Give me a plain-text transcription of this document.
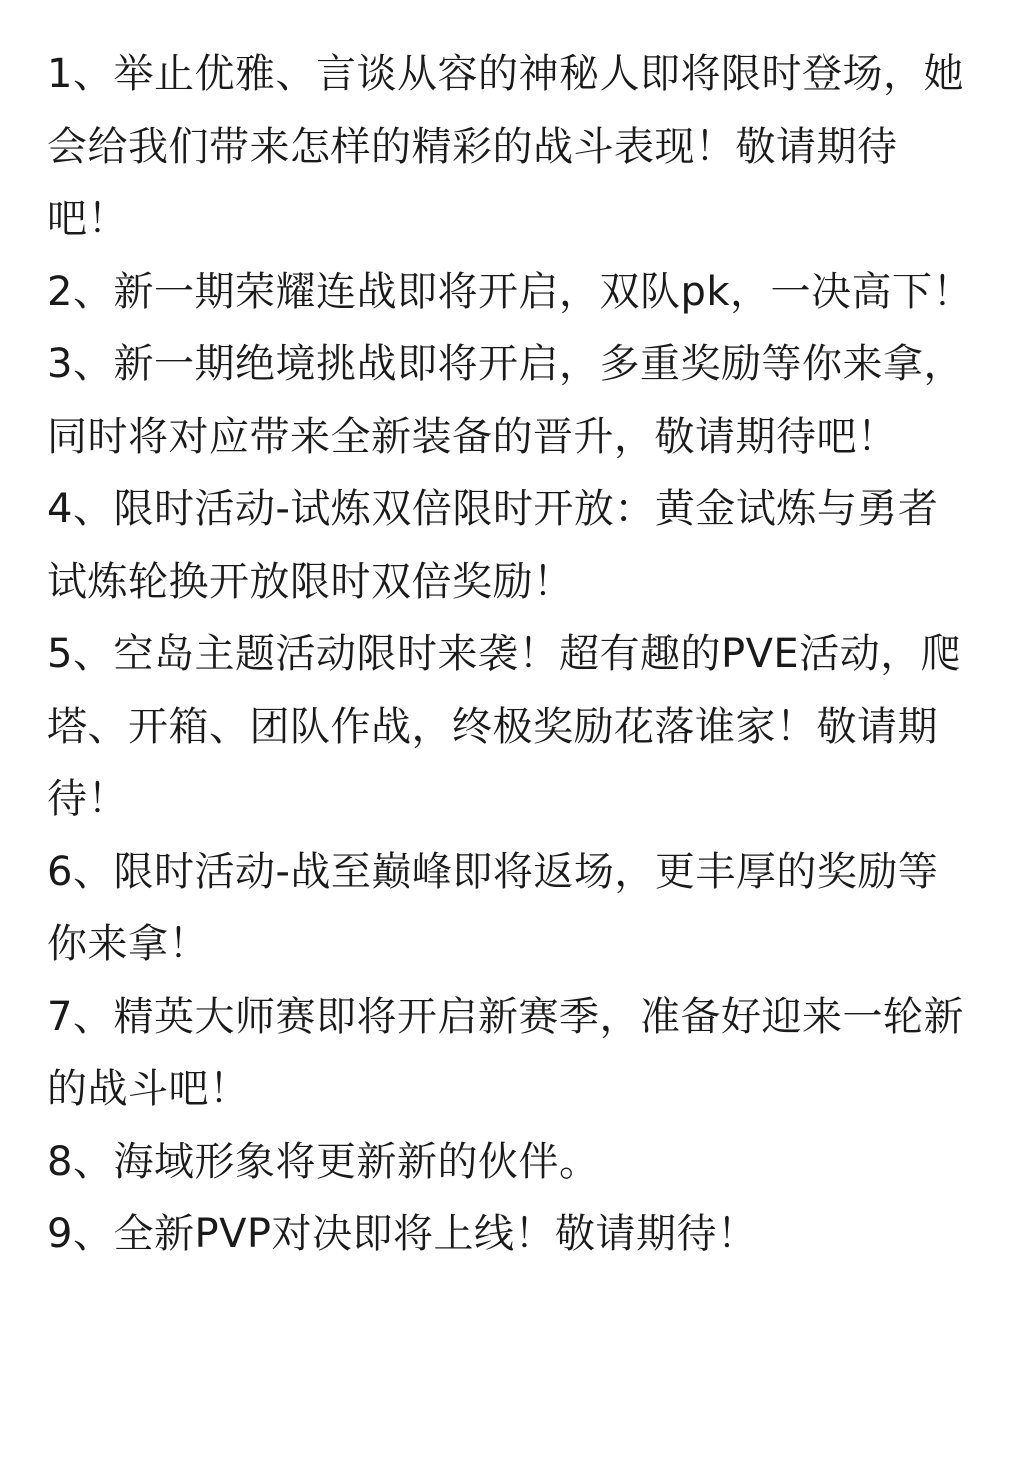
1、举止优雅、言谈从容的神秘人即将限时登场，她会给我们带来怎样的精彩的战斗表现！敬请期待吧！

2、新一期荣耀连战即将开启，双队pk，一决高下！

3、新一期绝境挑战即将开启，多重奖励等你来拿，同时将对应带来全新装备的晋升，敬请期待吧！

4、限时活动-试炼双倍限时开放：黄金试炼与勇者试炼轮换开放限时双倍奖励！

5、空岛主题活动限时来袭！超有趣的PVE活动，爬塔、开箱、团队作战，终极奖励花落谁家！敬请期待！

6、限时活动-战至巅峰即将返场，更丰厚的奖励等你来拿！

7、精英大师赛即将开启新赛季，准备好迎来一轮新的战斗吧！

8、海域形象将更新新的伙伴。

9、全新PVP对决即将上线！敬请期待！
